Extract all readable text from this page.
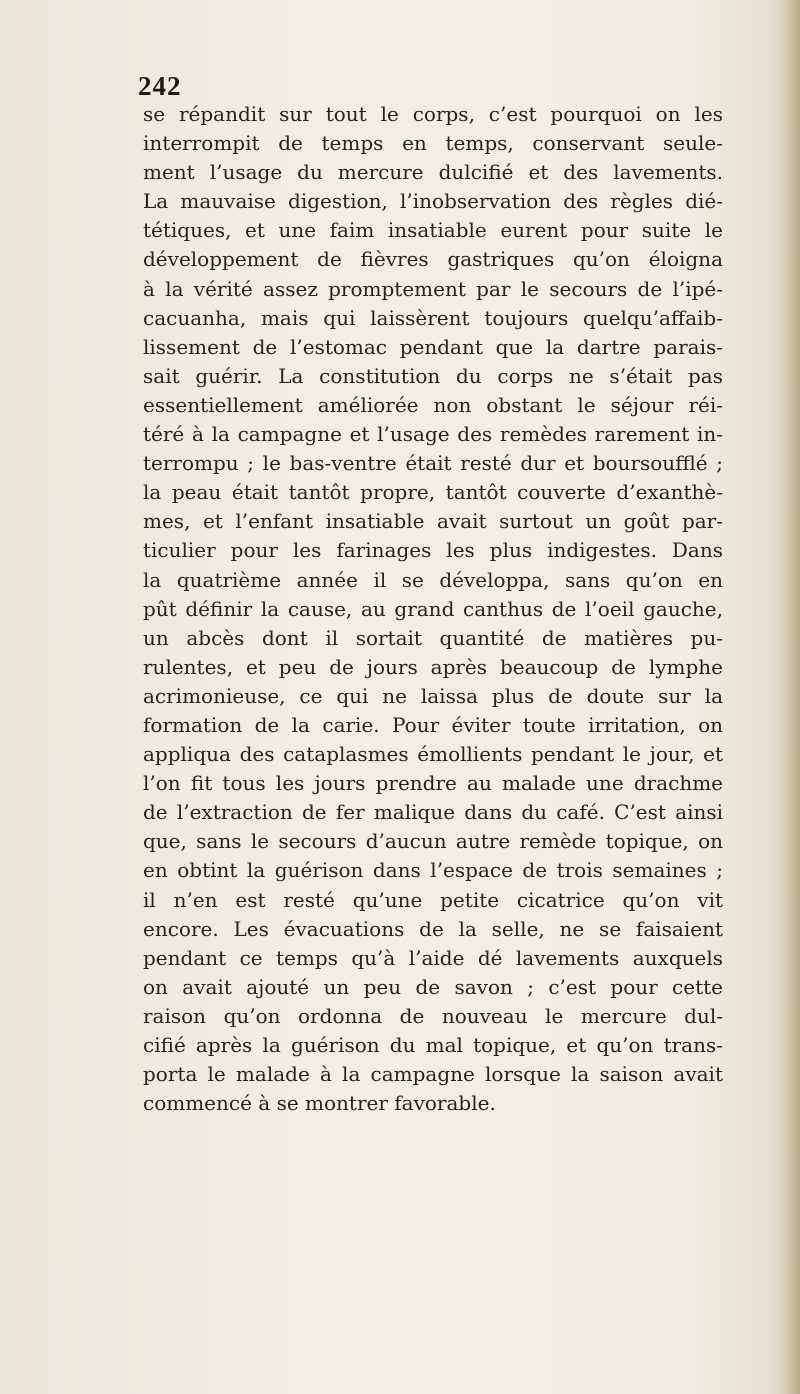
242
se répandit sur tout le corps, c’est pourquoi on les
interrompit de temps en temps, conservant seule-
ment l’usage du mercure dulcifié et des lavements.
La mauvaise digestion, l’inobservation des règles dié-
tétiques, et une faim insatiable eurent pour suite le
développement de fièvres gastriques qu’on éloigna
à la vérité assez promptement par le secours de l’ipé-
cacuanha, mais qui laissèrent toujours quelqu’affaib-
lissement de l’estomac pendant que la dartre parais-
sait guérir. La constitution du corps ne s’était pas
essentiellement améliorée non obstant le séjour réi-
téré à la campagne et l’usage des remèdes rarement in-
terrompu ; le bas-ventre était resté dur et boursoufflé ;
la peau était tantôt propre, tantôt couverte d’exanthè-
mes, et l’enfant insatiable avait surtout un goût par-
ticulier pour les farinages les plus indigestes. Dans
la quatrième année il se développa, sans qu’on en
pût définir la cause, au grand canthus de l’oeil gauche,
un abcès dont il sortait quantité de matières pu-
rulentes, et peu de jours après beaucoup de lymphe
acrimonieuse, ce qui ne laissa plus de doute sur la
formation de la carie. Pour éviter toute irritation, on
appliqua des cataplasmes émollients pendant le jour, et
l’on fit tous les jours prendre au malade une drachme
de l’extraction de fer malique dans du café. C’est ainsi
que, sans le secours d’aucun autre remède topique, on
en obtint la guérison dans l’espace de trois semaines ;
il n’en est resté qu’une petite cicatrice qu’on vit
encore. Les évacuations de la selle, ne se faisaient
pendant ce temps qu’à l’aide dé lavements auxquels
on avait ajouté un peu de savon ; c’est pour cette
raison qu’on ordonna de nouveau le mercure dul-
cifié après la guérison du mal topique, et qu’on trans-
porta le malade à la campagne lorsque la saison avait
commencé à se montrer favorable.
